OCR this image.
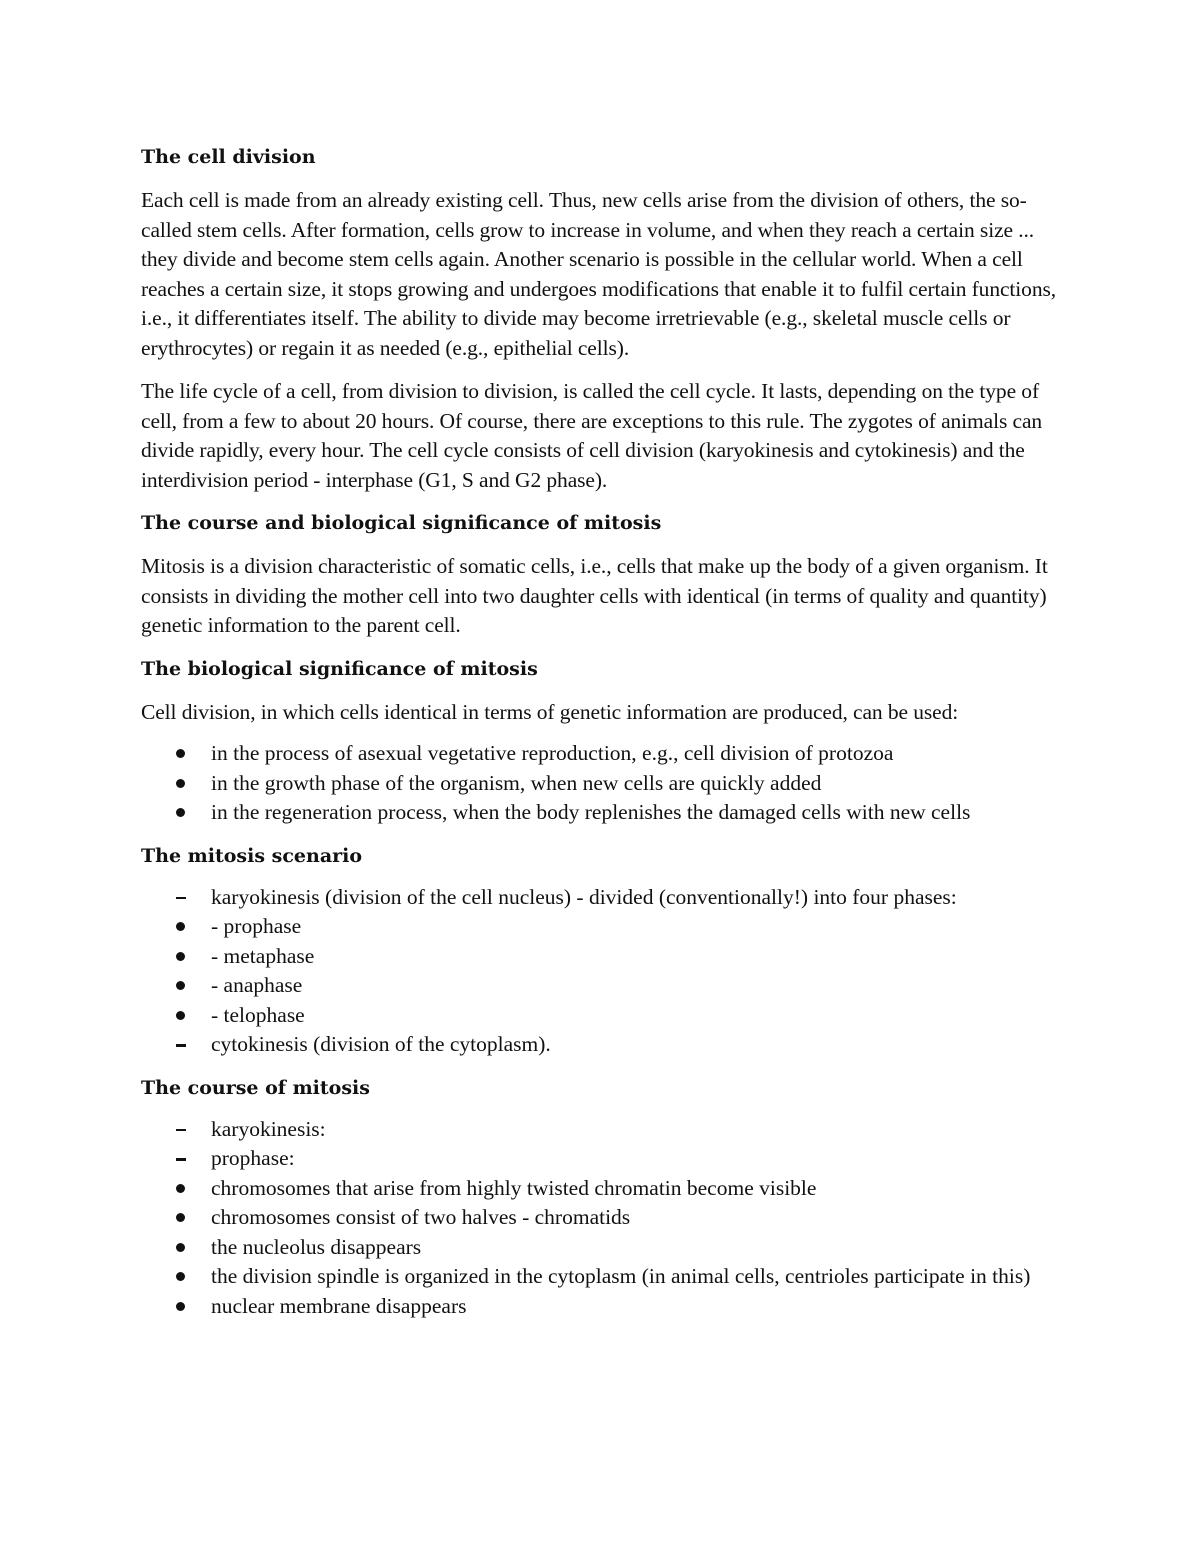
The cell division

Each cell is made from an already existing cell. Thus, new cells arise from the division of others, the so-called stem cells. After formation, cells grow to increase in volume, and when they reach a certain size ... they divide and become stem cells again. Another scenario is possible in the cellular world. When a cell reaches a certain size, it stops growing and undergoes modifications that enable it to fulfil certain functions, i.e., it differentiates itself. The ability to divide may become irretrievable (e.g., skeletal muscle cells or erythrocytes) or regain it as needed (e.g., epithelial cells).

The life cycle of a cell, from division to division, is called the cell cycle. It lasts, depending on the type of cell, from a few to about 20 hours. Of course, there are exceptions to this rule. The zygotes of animals can divide rapidly, every hour. The cell cycle consists of cell division (karyokinesis and cytokinesis) and the interdivision period - interphase (G1, S and G2 phase).

The course and biological significance of mitosis

Mitosis is a division characteristic of somatic cells, i.e., cells that make up the body of a given organism. It consists in dividing the mother cell into two daughter cells with identical (in terms of quality and quantity) genetic information to the parent cell.

The biological significance of mitosis

Cell division, in which cells identical in terms of genetic information are produced, can be used:

in the process of asexual vegetative reproduction, e.g., cell division of protozoa
in the growth phase of the organism, when new cells are quickly added
in the regeneration process, when the body replenishes the damaged cells with new cells
The mitosis scenario
karyokinesis (division of the cell nucleus) - divided (conventionally!) into four phases:
- prophase
- metaphase
- anaphase
- telophase
cytokinesis (division of the cytoplasm).
The course of mitosis
karyokinesis:
prophase:
chromosomes that arise from highly twisted chromatin become visible
chromosomes consist of two halves - chromatids
the nucleolus disappears
the division spindle is organized in the cytoplasm (in animal cells, centrioles participate in this)
nuclear membrane disappears
